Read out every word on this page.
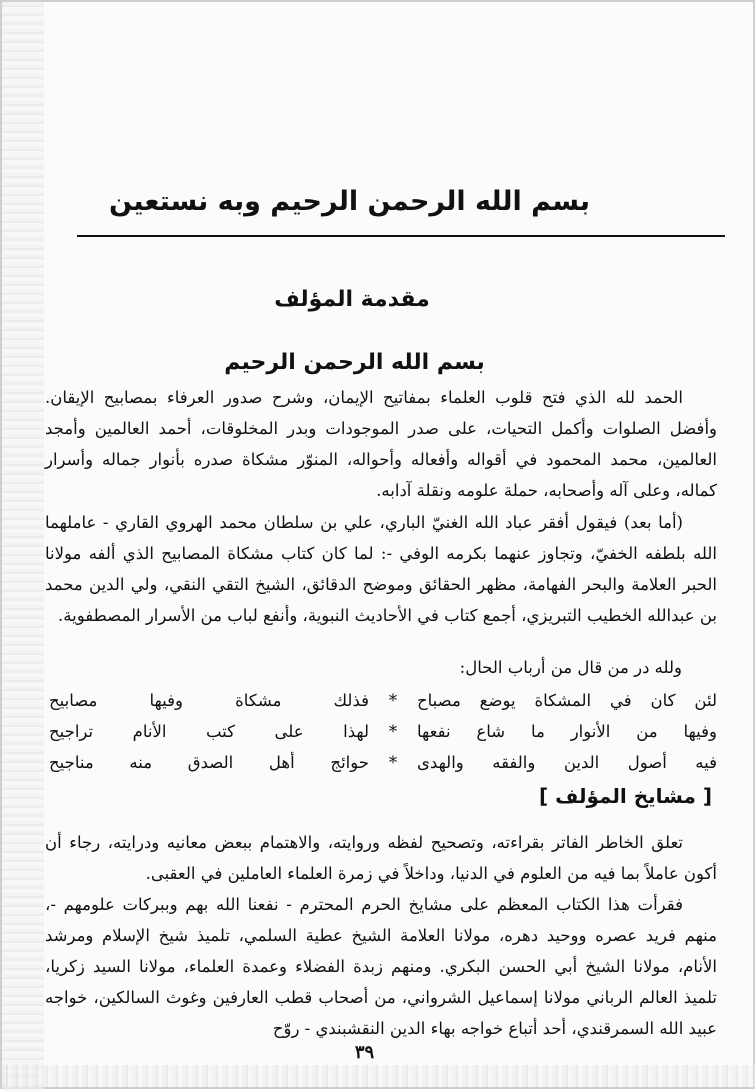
بسم الله الرحمن الرحيم وبه نستعين
مقدمة المؤلف
بسم الله الرحمن الرحيم

الحمد لله الذي فتح قلوب العلماء بمفاتيح الإيمان، وشرح صدور العرفاء بمصابيح الإيقان. وأفضل الصلوات وأكمل التحيات، على صدر الموجودات وبدر المخلوقات، أحمد العالمين وأمجد العالمين، محمد المحمود في أقواله وأفعاله وأحواله، المنوّر مشكاة صدره بأنوار جماله وأسرار كماله، وعلى آله وأصحابه، حملة علومه ونقلة آدابه.

(أما بعد) فيقول أفقر عباد الله الغنيّ الباري، علي بن سلطان محمد الهروي القاري - عاملهما الله بلطفه الخفيّ، وتجاوز عنهما بكرمه الوفي -: لما كان كتاب مشكاة المصابيح الذي ألفه مولانا الحبر العلامة والبحر الفهامة، مظهر الحقائق وموضح الدقائق، الشيخ التقي النقي، ولي الدين محمد بن عبدالله الخطيب التبريزي، أجمع كتاب في الأحاديث النبوية، وأنفع لباب من الأسرار المصطفوية.

ولله در من قال من أرباب الحال:

لئن كان في المشكاة يوضع مصباح
*
فذلك مشكاة وفيها مصابيح
وفيها من الأنوار ما شاع نفعها
*
لهذا على كتب الأنام تراجيح
فيه أصول الدين والفقه والهدى
*
حوائج أهل الصدق منه مناجيح
[ مشايخ المؤلف ]

تعلق الخاطر الفاتر بقراءته، وتصحيح لفظه وروايته، والاهتمام ببعض معانيه ودرايته، رجاء أن أكون عاملاً بما فيه من العلوم في الدنيا، وداخلاً في زمرة العلماء العاملين في العقبى.

فقرأت هذا الكتاب المعظم على مشايخ الحرم المحترم - نفعنا الله بهم وببركات علومهم -، منهم فريد عصره ووحيد دهره، مولانا العلامة الشيخ عطية السلمي، تلميذ شيخ الإسلام ومرشد الأنام، مولانا الشيخ أبي الحسن البكري. ومنهم زبدة الفضلاء وعمدة العلماء، مولانا السيد زكريا، تلميذ العالم الرباني مولانا إسماعيل الشرواني، من أصحاب قطب العارفين وغوث السالكين، خواجه عبيد الله السمرقندي، أحد أتباع خواجه بهاء الدين النقشبندي - روّح

٣٩
